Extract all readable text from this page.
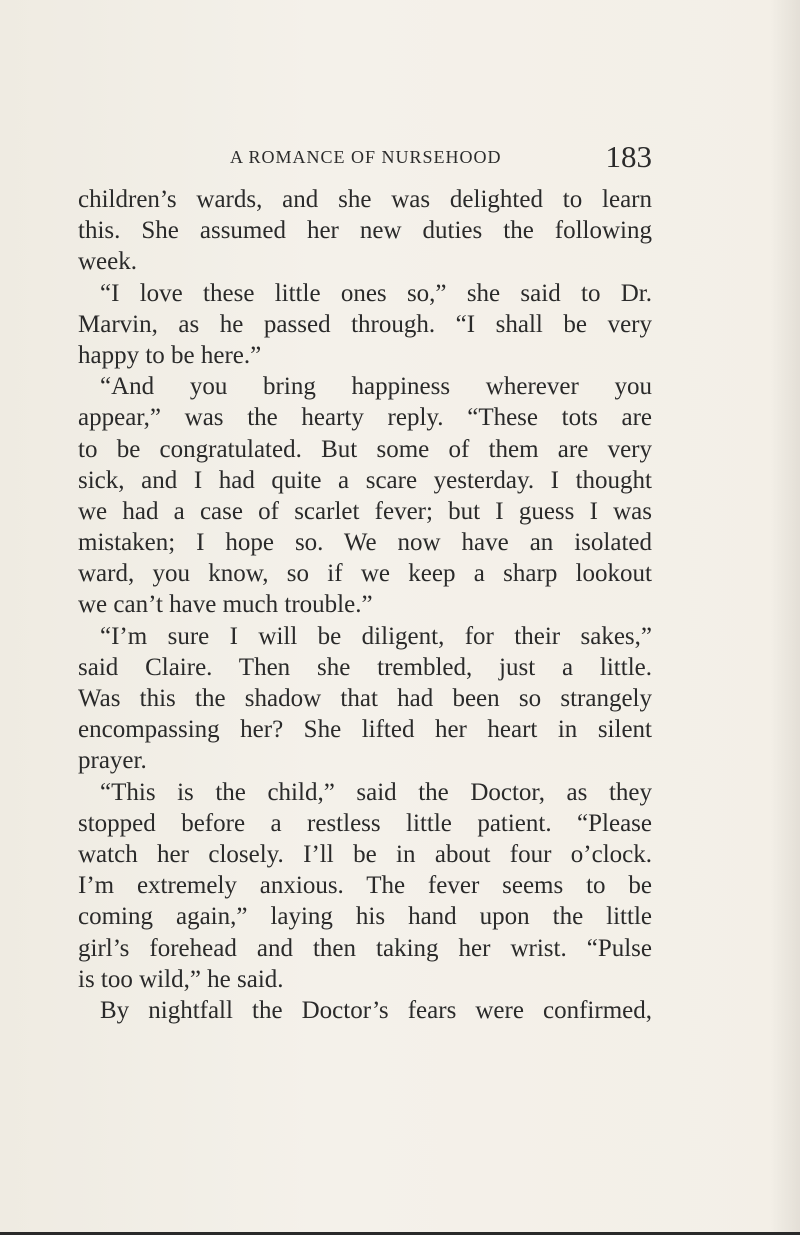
A ROMANCE OF NURSEHOOD	183
children’s wards, and she was delighted to learn
this. She assumed her new duties the following
week.
“I love these little ones so,” she said to Dr.
Marvin, as he passed through. “I shall be very
happy to be here.”
“And you bring happiness wherever you
appear,” was the hearty reply. “These tots are
to be congratulated. But some of them are very
sick, and I had quite a scare yesterday. I thought
we had a case of scarlet fever; but I guess I was
mistaken; I hope so. We now have an isolated
ward, you know, so if we keep a sharp lookout
we can’t have much trouble.”
“I’m sure I will be diligent, for their sakes,”
said Claire. Then she trembled, just a little.
Was this the shadow that had been so strangely
encompassing her? She lifted her heart in silent
prayer.
“This is the child,” said the Doctor, as they
stopped before a restless little patient. “Please
watch her closely. I’ll be in about four o’clock.
I’m extremely anxious. The fever seems to be
coming again,” laying his hand upon the little
girl’s forehead and then taking her wrist. “Pulse
is too wild,” he said.
By nightfall the Doctor’s fears were confirmed,
